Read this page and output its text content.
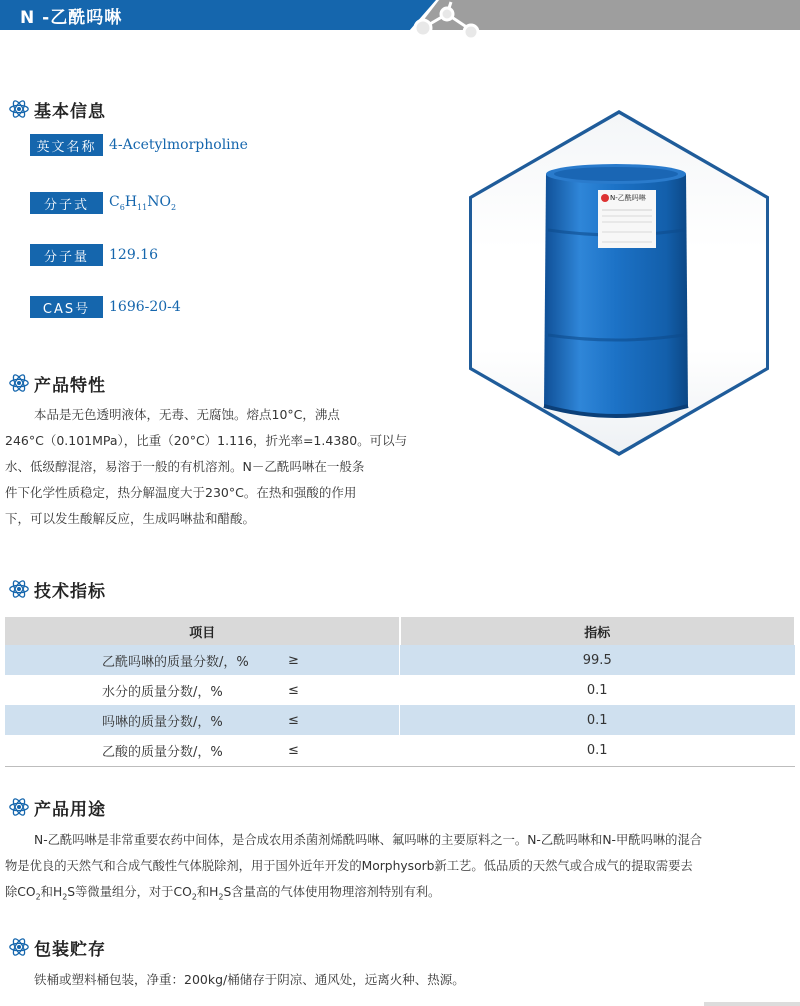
N -乙酰吗啉
基本信息
英文名称 4-Acetylmorpholine
分子式	$C_6H_{11}NO_2$
分子量	129.16
CAS号	1696-20-4
N-乙酰吗啉
产品特性
本品是无色透明液体，无毒、无腐蚀。熔点10°C，沸点
246°C（0.101MPa），比重（20°C）1.116，折光率=1.4380。可以与
水、低级醇混溶，易溶于一般的有机溶剂。N－乙酰吗啉在一般条
件下化学性质稳定，热分解温度大于230°C。在热和强酸的作用
下，可以发生酸解反应，生成吗啉盐和醋酸。
技术指标
项目		指标
乙酰吗啉的质量分数/，%	≥	99.5
水分的质量分数/，%	≤	0.1
吗啉的质量分数/，%	≤	0.1
乙酸的质量分数/，%	≤	0.1
产品用途
N-乙酰吗啉是非常重要农药中间体，是合成农用杀菌剂烯酰吗啉、氟吗啉的主要原料之一。N-乙酰吗啉和N-甲酰吗啉的混合
物是优良的天然气和合成气酸性气体脱除剂，用于国外近年开发的Morphysorb新工艺。低品质的天然气或合成气的提取需要去
除$CO_2$和$H_2S$等微量组分，对于$CO_2$和$H_2S$含量高的气体使用物理溶剂特别有利。
包装贮存
铁桶或塑料桶包装，净重：200kg/桶储存于阴凉、通风处，远离火种、热源。
